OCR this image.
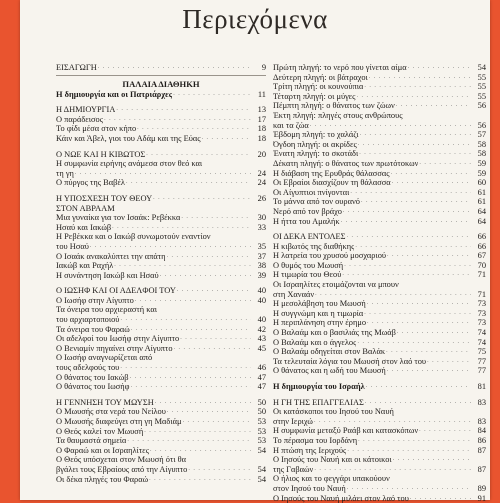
Περιεχόμενα
ΕΙΣΑΓΩΓΗ . . .	9
ΠΑΛΑΙΑ ΔΙΑΘΗΚΗ
Η δημιουργία και οι Πατριάρχες . . .	11
Η ΔΗΜΙΟΥΡΓΙΑ . . .	13
Ο παράδεισος . . .	17
Το φίδι μέσα στον κήπο . . .	18
Κάιν και Άβελ, γιοι του Αδάμ και της Εύας . . .	18
Ο ΝΩΕ ΚΑΙ Η ΚΙΒΩΤΟΣ . . .	20
Η συμφωνία ειρήνης ανάμεσα στον θεό και
τη γη . . .	24
Ο πύργος της Βαβέλ . . .	24
Η ΥΠΟΣΧΕΣΗ ΤΟΥ ΘΕΟΥ . . .	26
ΣΤΟΝ ΑΒΡΑΑΜ
Μια γυναίκα για τον Ισαάκ: Ρεβέκκα . . .	30
Ησαύ και Ιακώβ . . .	33
Η Ρεβέκκα και ο Ιακώβ συνωμοτούν εναντίον
του Ησαύ . . .	35
Ο Ισαάκ ανακαλύπτει την απάτη . . .	37
Ιακώβ και Ραχήλ . . .	38
Η συνάντηση Ιακώβ και Ησαύ . . .	39
Ο ΙΩΣΗΦ ΚΑΙ ΟΙ ΑΔΕΛΦΟΙ ΤΟΥ . . .	40
Ο Ιωσήφ στην Αίγυπτο . . .	40
Τα όνειρα του αρχιεραστή και
του αρχιαρτοποιού . . .	40
Τα όνειρα του Φαραώ . . .	42
Οι αδελφοί του Ιωσήφ στην Αίγυπτο . . .	43
Ο Βενιαμίν πηγαίνει στην Αίγυπτο . . .	45
Ο Ιωσήφ αναγνωρίζεται από
τους αδελφούς του . . .	46
Ο θάνατος του Ιακώβ . . .	47
Ο θάνατος του Ιωσήφ . . .	47
Η ΓΕΝΝΗΣΗ ΤΟΥ ΜΩΥΣΗ . . .	50
Ο Μωυσής στα νερά του Νείλου . . .	50
Ο Μωυσής διαφεύγει στη γη Μαδιάμ . . .	53
Ο Θεός καλεί τον Μωυσή . . .	53
Τα θαυμαστά σημεία . . .	53
Ο Φαραώ και οι Ισραηλίτες . . .	54
Ο Θεός υπόσχεται στον Μωυσή ότι θα
βγάλει τους Εβραίους από την Αίγυπτο . . .	54
Οι δέκα πληγές του Φαραώ . . .	54
Πρώτη πληγή: το νερό που γίνεται αίμα . . .	54
Δεύτερη πληγή: οι βάτραχοι . . .	55
Τρίτη πληγή: οι κουνούπια . . .	55
Τέταρτη πληγή: οι μύγες . . .	55
Πέμπτη πληγή: ο θάνατος των ζώων . . .	56
Έκτη πληγή: πληγές στους ανθρώπους
και τα ζώα . . .	56
Έβδομη πληγή: το χαλάζι . . .	57
Όγδοη πληγή: οι ακρίδες . . .	58
Ένατη πληγή: το σκοτάδι . . .	58
Δέκατη πληγή: ο θάνατος των πρωτότοκων . . .	59
Η διάβαση της Ερυθράς θάλασσας . . .	59
Οι Εβραίοι διασχίζουν τη θάλασσα . . .	60
Οι Αίγυπτιοι πνίγονται . . .	61
Το μάννα από τον ουρανό . . .	61
Νερό από τον βράχο . . .	64
Η ήττα του Αμαλήκ . . .	64
ΟΙ ΔΕΚΑ ΕΝΤΟΛΕΣ . . .	66
Η κιβωτός της διαθήκης . . .	66
Η λατρεία του χρυσού μοσχαριού . . .	67
Ο θυμός του Μωυσή . . .	70
Η τιμωρία του Θεού . . .	71
Οι Ισραηλίτες ετοιμάζονται να μπουν
στη Χαναάν . . .	71
Η μεσολάβηση του Μωυσή . . .	73
Η συγγνώμη και η τιμωρία . . .	73
Η περιπλάνηση στην έρημο . . .	73
Ο Βαλαάμ και ο βασιλιάς της Μωάβ . . .	74
Ο Βαλαάμ και ο άγγελος . . .	74
Ο Βαλαάμ οδηγείται στον Βαλάκ . . .	75
Τα τελευταία λόγια του Μωυσή στον λαό του . . .	77
Ο θάνατος και η ωδή του Μωυσή . . .	77
Η δημιουργία του Ισραήλ . . .	81
Η ΓΗ ΤΗΣ ΕΠΑΓΓΕΛΙΑΣ . . .	83
Οι κατάσκοποι του Ιησού του Ναυή
στην Ιεριχώ . . .	83
Η συμφωνία μεταξύ Ραάβ και κατασκόπων . . .	84
Το πέρασμα του Ιορδάνη . . .	86
Η πτώση της Ιεριχούς . . .	87
Ο Ιησούς του Ναυή και οι κάτοικοι
. . .
της Γαβαών . . .	87
Ο ήλιος και το φεγγάρι υπακούουν
στον Ιησού του Ναυή . . .	89
Ο Ιησούς του Ναυή μιλάει στον λαό του . . .	91
